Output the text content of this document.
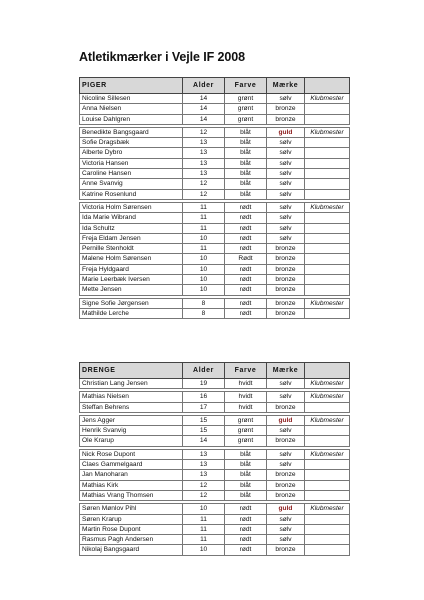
Atletikmærker i Vejle IF 2008
PIGER	Alder	Farve	Mærke	
Nicoline Sillesen	14	grønt	sølv	Klubmester
Anna Nielsen	14	grønt	bronze	
Louise Dahlgren	14	grønt	bronze	

Benedikte Bangsgaard	12	blåt	guld	Klubmester
Sofie Dragsbæk	13	blåt	sølv	
Alberte Dybro	13	blåt	sølv	
Victoria Hansen	13	blåt	sølv	
Caroline Hansen	13	blåt	sølv	
Anne Svanvig	12	blåt	sølv	
Katrine Rosenlund	12	blåt	sølv	

Victoria Holm Sørensen	11	rødt	sølv	Klubmester
Ida Marie Wibrand	11	rødt	sølv	
Ida Schultz	11	rødt	sølv	
Freja Eldam Jensen	10	rødt	sølv	
Pernille Stenholdt	11	rødt	bronze	
Malene Holm Sørensen	10	Rødt	bronze	
Freja Hyldgaard	10	rødt	bronze	
Marie Leerbæk Iversen	10	rødt	bronze	
Mette Jensen	10	rødt	bronze	

Signe Sofie Jørgensen	8	rødt	bronze	Klubmester
Mathilde Lerche	8	rødt	bronze	
DRENGE	Alder	Farve	Mærke	
Christian Lang Jensen	19	hvidt	sølv	Klubmester

Mathias Nielsen	16	hvidt	sølv	Klubmester
Steffan Behrens	17	hvidt	bronze	

Jens Agger	15	grønt	guld	Klubmester
Henrik Svanvig	15	grønt	sølv	
Ole Krarup	14	grønt	bronze	

Nick Rose Dupont	13	blåt	sølv	Klubmester
Claes Gammelgaard	13	blåt	sølv	
Jan Manoharan	13	blåt	bronze	
Mathias Kirk	12	blåt	bronze	
Mathias Vrang Thomsen	12	blåt	bronze	

Søren Mønlov Pihl	10	rødt	guld	Klubmester
Søren Krarup	11	rødt	sølv	
Martin Rose Dupont	11	rødt	sølv	
Rasmus Pagh Andersen	11	rødt	sølv	
Nikolaj Bangsgaard	10	rødt	bronze	
